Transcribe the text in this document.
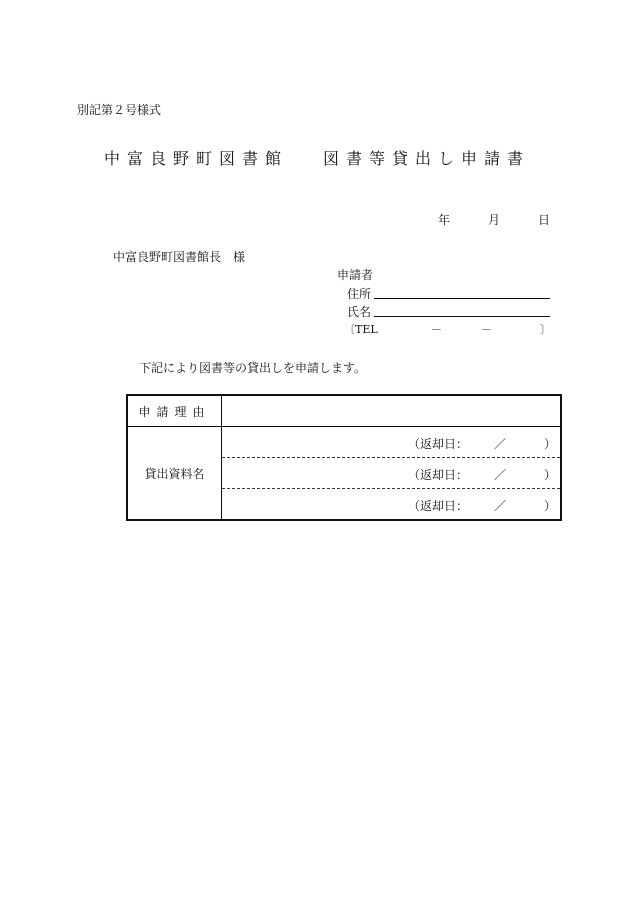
別記第２号様式
中富良野町図書館　 図書等貸出し申請書
年	月	日
中富良野町図書館長　様
申請者
住所
氏名
〔TEL	－	－	〕
下記により図書等の貸出しを申請します。
申請理由	
貸出資料名	（返却日： ／ ）

	（返却日： ／ ）

	（返却日： ／ ）
